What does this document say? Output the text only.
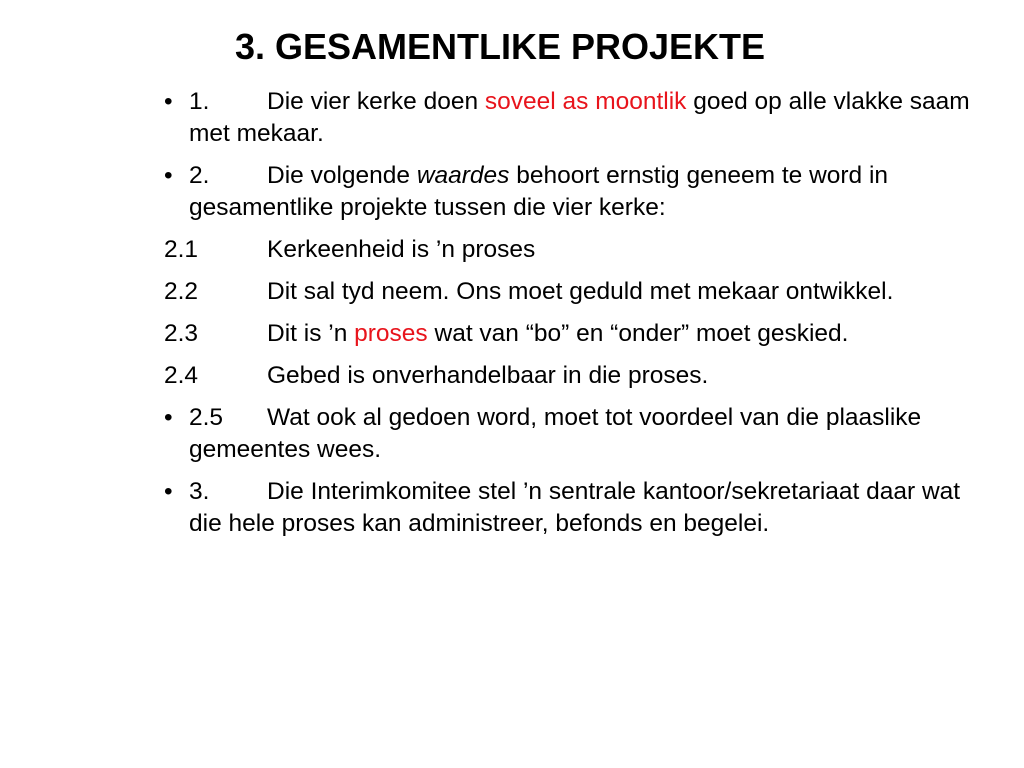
3. GESAMENTLIKE PROJEKTE
• 1. Die vier kerke doen soveel as moontlik goed op alle vlakke saam met mekaar.
• 2. Die volgende waardes behoort ernstig geneem te word in gesamentlike projekte tussen die vier kerke:
2.1	Kerkeenheid is ’n proses
2.2	Dit sal tyd neem. Ons moet geduld met mekaar ontwikkel.
2.3	Dit is ’n proses wat van “bo” en “onder” moet geskied.
2.4	Gebed is onverhandelbaar in die proses.
• 2.5 Wat ook al gedoen word, moet tot voordeel van die plaaslike gemeentes wees.
• 3. Die Interimkomitee stel ’n sentrale kantoor/sekretariaat daar wat die hele proses kan administreer, befonds en begelei.
